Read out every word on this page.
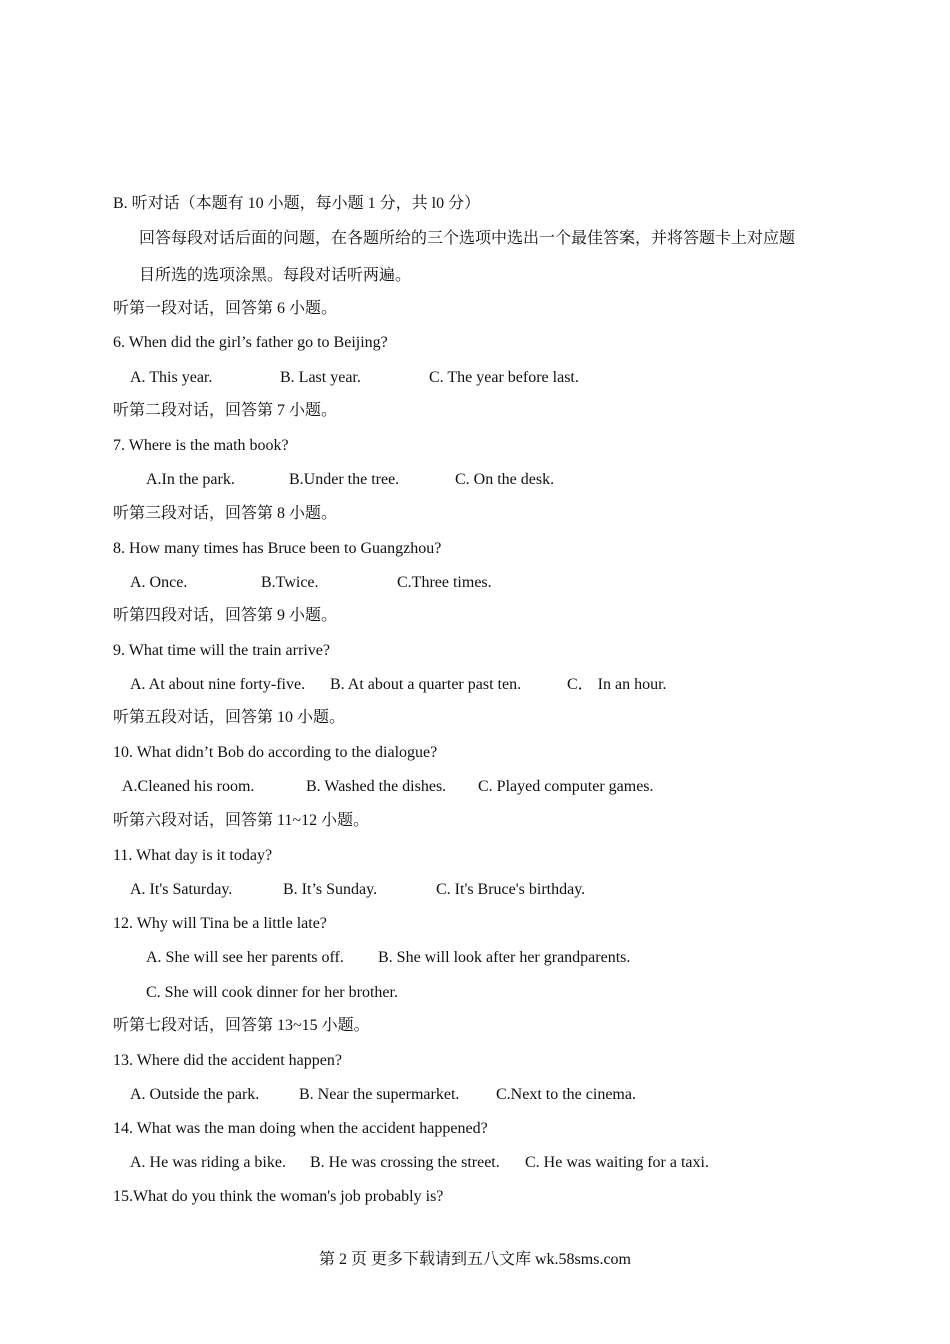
B. 听对话（本题有 10 小题，每小题 1 分，共 l0 分）
回答每段对话后面的问题，在各题所给的三个选项中选出一个最佳答案，并将答题卡上对应题
目所选的选项涂黑。每段对话听两遍。
听第一段对话，回答第 6 小题。
6. When did the girl’s father go to Beijing?
A. This year.	B. Last year.	C. The year before last.
听第二段对话，回答第 7 小题。
7. Where is the math book?
A.In the park.	B.Under the tree.	C. On the desk.
听第三段对话，回答第 8 小题。
8. How many times has Bruce been to Guangzhou?
A. Once.	B.Twice.	C.Three times.
听第四段对话，回答第 9 小题。
9. What time will the train arrive?
A. At about nine forty-five. B. At about a quarter past ten.	C． In an hour.
听第五段对话，回答第 10 小题。
10. What didn’t Bob do according to the dialogue?
A.Cleaned his room.	B. Washed the dishes. C. Played computer games.
听第六段对话，回答第 11~12 小题。
11. What day is it today?
A. It's Saturday.	B. It’s Sunday.	C. It's Bruce's birthday.
12. Why will Tina be a little late?
A. She will see her parents off. B. She will look after her grandparents.
C. She will cook dinner for her brother.
听第七段对话，回答第 13~15 小题。
13. Where did the accident happen?
A. Outside the park. B. Near the supermarket. C.Next to the cinema.
14. What was the man doing when the accident happened?
A. He was riding a bike. B. He was crossing the street. C. He was waiting for a taxi.
15.What do you think the woman's job probably is?
第 2 页 更多下载请到五八文库 wk.58sms.com
